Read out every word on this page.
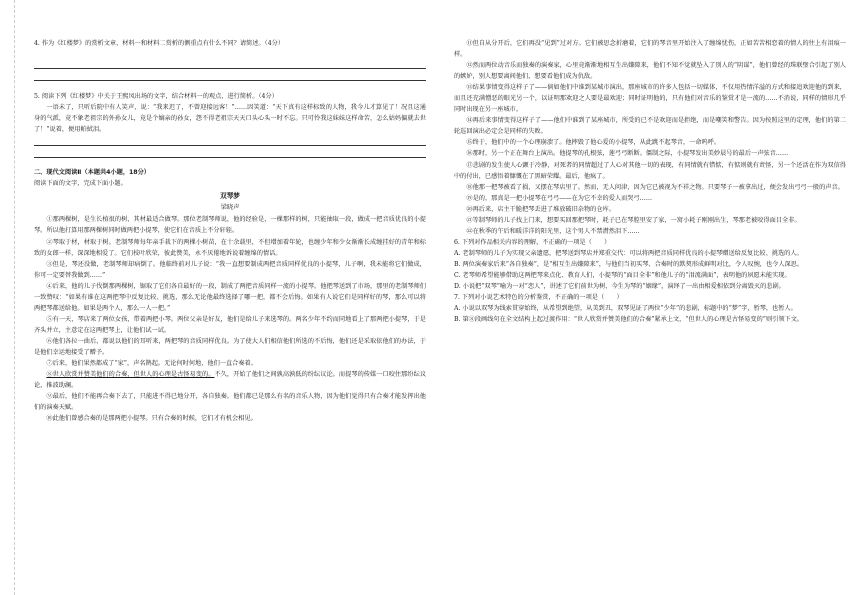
4. 作为《红楼梦》的赏析文章，材料一和材料二赏析的侧重点有什么不同？请简述。（4分）

5. 阅读下列《红楼梦》中关于王熙凤出场的文字，结合材料一的观点，进行简析。（4分）

一语未了，只听后院中有人笑声，说：“我来迟了，不曾迎接远客！”……因笑道：“天下真有这样标致的人物，我今儿才算见了！况且这通身的气派，竟不象老祖宗的外孙女儿，竟是个嫡亲的孙女，怨不得老祖宗天天口头心头一时不忘。只可怜我这妹妹这样命苦，怎么姑妈偏就去世了！”说着，便用帕拭泪。

二、现代文阅读Ⅱ（本题共4小题，18分）

阅读下面的文字，完成下面小题。

双琴梦

梁晓声

①那两棵树，是生长植很的树，其材最适合做琴。那位老制琴师说，他的经验是，一棵那样的树，只能抽取一段，做成一把音质优良的小提琴。所以他打算用那两棵树同时做两把小提琴，使它们在音质上不分轩轾。

②琴取于材，材取于树。老制琴师每年亲手栽下的两棵小树苗，在十余载里，不但增加着年轮，也缠少年和少女渐渐长成缠挂好的青年和标致的女郎一样，深深地相爱了。它们枝叶欣荣，彼此赞美，永不厌倦地诉说着缠绵的情话。

③但是，琴还没做，老制琴师却病倒了。他临终前对儿子说：“我一直想要制成两把音质同样优良的小提琴，儿子啊，我未能将它们做成，你可一定要替我做到……”

④后来，他的儿子伐倒那两棵树，锯取了它们各自最好的一段，制成了两把音质同样一流的小提琴。他把琴送到了市场，那里的老制琴师们一致赞叹：“如果有谁在这两把琴中反复比较、挑选，那么无论他最终选择了哪一把，都不会后悔。如果有人说它们是同样好的琴，那么可以将两把琴都送给他。如果是两个人，那么一人一把。”

⑤有一天，琴店来了两位女孩，带着两把小琴。两位父亲是好友，他们是给儿子来选琴的。两名少年不约而同地看上了那两把小提琴，于是齐头并立，主意定在这两把琴上，让他们试一试。

⑥他们各拉一曲后，都说以他们的耳听来，两把琴的音质同样优良。为了使大人们相信他们所选的不后悔，他们还是采取依他们的办法，于是他们幸运地接受了赠予。

⑦后来，他们果然都成了“家”，声名鹊起。无论何时何地，他们一直合奏着。

⑧世人欣赏并赞美他们的合奏，但世人的心理是古怪易变的。不久，开始了他们之间孰高孰低的纷纭议论。而提琴的传媒一口咬住那纷纭议论，推波助澜。

⑨最后，他们不能再合奏下去了，只能进不得已地分开，各自独奏。他们都已是那么有名的音乐人物，因为他们觉得只有合奏才能发挥出他们的演奏天赋。

⑩此他们曾感合奏的是那两把小提琴。只有合奏的时候，它们才有机会相见。

⑪但自从分开后，它们再没“见到”过对方。它们被思念折磨着，它们的琴音里开始注入了缠绵忧伤，正如苦苦相恋着的情人的往上有泪痕一样。

⑫然而两位动音乐而独奏的演奏家，心里竟渐渐地相互生出嫌隙来，他们不知不觉就坠入了别人的“阴谋”，他们曾经的珠联璧合引起了别人的嫉妒，别人想要离间他们，想要看他们成为仇敌。

⑬结果事情变得这样子了——倘如他们中谁到某城市演出，那座城市的许多人包括一切媒体，不仅用热情洋溢的方式和接追欢迎他的到来，而且还充满憎恶的眼光另一个，以证明那欢迎之人要是最欢迎；同时证明他的，只有他们对音乐的鉴赏才是一流的……不消说，同样的情形几乎同时出现在另一座城市。

⑭再后来事情变得这样子了——他们中谁到了某座城市，所受的已不是欢迎而是拒绝，而是嘲笑和警告。因为按照这里的定理，他们的第二轮巡回演出必定会是同样的失败。

⑮终于，他们中的一个心理崩溃了。他摔毁了他心爱的小提琴，从此跳不起琴音，一命呜呼。

⑯那时，另一个正在舞台上演出。他提琴的孔根弦，莲弓弓断断。僵制之际，小提琴发出美妙晨号的最后一声弦音……

⑰悲剧的发生使人心颤于冷静，对死者的同情超过了人心对其他一切的表现，有同情就有惜惦，有惦则就有责怪，另一个还活在作为双信得中的付出，已感悟着慷慨在了黑暗荣耀。最后，他疯了。

⑱他那一把琴被看了损，又摆在琴店里了。然而，无人问津，因为它已被视为不祥之物。只要琴子一被拿出过，便会发出弓弓一般的声音。

⑲是的，那真是一把小提琴在弓弓——在为它不幸的爱人而哭弓……

⑳再后来，店主干脆把琴丢进了堆放破旧杂物的仓库。

㉑等制琴师的儿子找上门来，想要买回那把琴时，耗子已在琴腔里安了家，一窝小耗子刚刚出生，琴那老被咬得面目全非。

㉒在秋季的午后和暖洋洋的阳光里，这个男人不禁潸然泪下……

6. 下列对作品相关内容的理解，不正确的一项是（　　）

A. 老制琴师的儿子为实现父亲遗愿，把琴送到琴店并郑重交代：可以将两把音质同样优良的小提琴赠送给反复比较、挑选的人。

B. 两位演奏家后来“各自独奏”，是“相互生出嫌隙来”，与他们当初买琴、合奏时的默契形成鲜明对比，令人叹惋，也令人深思。

C. 老琴师希望能够借助这两把琴来点化、教育人们，小提琴的“面目全非”和他儿子的“泪流满面”，表明他的夙愿未能实现。

D. 小说把“双琴”喻为一对“恋人”，讲述了它们前世为树、今生为琴的“姻缘”，演绎了一出由相爱相依到分离毁灭的悲剧。

7. 下列对小说艺术特色的分析鉴赏，不正确的一项是（　　）

A. 小说以双琴为线索贯穿始终，从希望到绝望，从美到丑，双琴见证了两位“少年”的悲剧，标题中的“梦”字，暂琴，也暂人。

B. 第⑧段画线句在全文结构上起过渡作用：“世人欣赏并赞美他们的合奏”紧承上文，“但世人的心理是古怪易变的”则引领下文。
